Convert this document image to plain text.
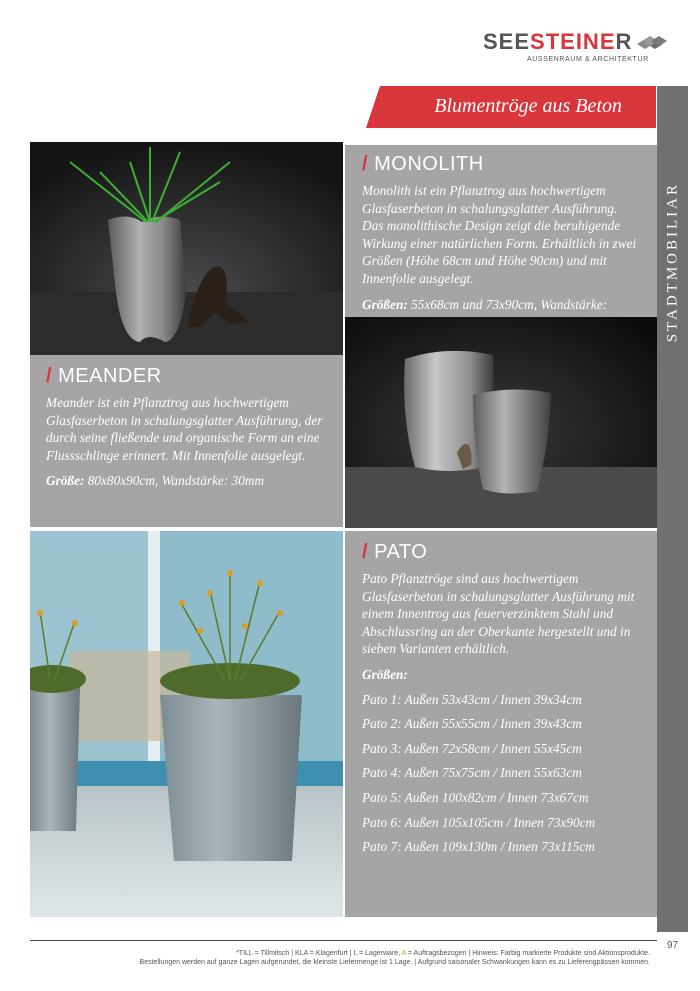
SEESTEINER
AUSSENRAUM & ARCHITEKTUR
Blumentröge aus Beton
STADTMOBILIAR
/ MONOLITH

Monolith ist ein Pflanztrog aus hochwertigem Glasfaserbeton in schalungsglatter Ausführung. Das monolithische Design zeigt die beruhigende Wirkung einer natürlichen Form. Erhältlich in zwei Größen (Höhe 68cm und Höhe 90cm) und mit Innenfolie ausgelegt.

Größen: 55x68cm und 73x90cm, Wandstärke:

/ MEANDER

Meander ist ein Pflanztrog aus hochwertigem Glasfaserbeton in schalungsglatter Ausführung, der durch seine fließende und organische Form an eine Flussschlinge erinnert. Mit Innenfolie ausgelegt.

Größe: 80x80x90cm, Wandstärke: 30mm

/ PATO

Pato Pflanztröge sind aus hochwertigem Glasfaserbeton in schalungsglatter Ausführung mit einem Innentrog aus feuerverzinktem Stahl und Abschlussring an der Oberkante hergestellt und in sieben Varianten erhältlich.

Größen:

Pato 1: Außen 53x43cm / Innen 39x34cm

Pato 2: Außen 55x55cm / Innen 39x43cm

Pato 3: Außen 72x58cm / Innen 55x45cm

Pato 4: Außen 75x75cm / Innen 55x63cm

Pato 5: Außen 100x82cm / Innen 73x67cm

Pato 6: Außen 105x105cm / Innen 73x90cm

Pato 7: Außen 109x130m / Innen 73x115cm

*TILL = Tillmitsch | KLA = Klagenfurt | L = Lagerware, A = Auftragsbezogen | Hinweis: Farbig markierte Produkte sind Aktionsprodukte.
Bestellungen werden auf ganze Lagen aufgerundet, die kleinste Liefermenge ist 1 Lage. | Aufgrund saisonaler Schwankungen kann es zu Lieferengpässen kommen.
97
